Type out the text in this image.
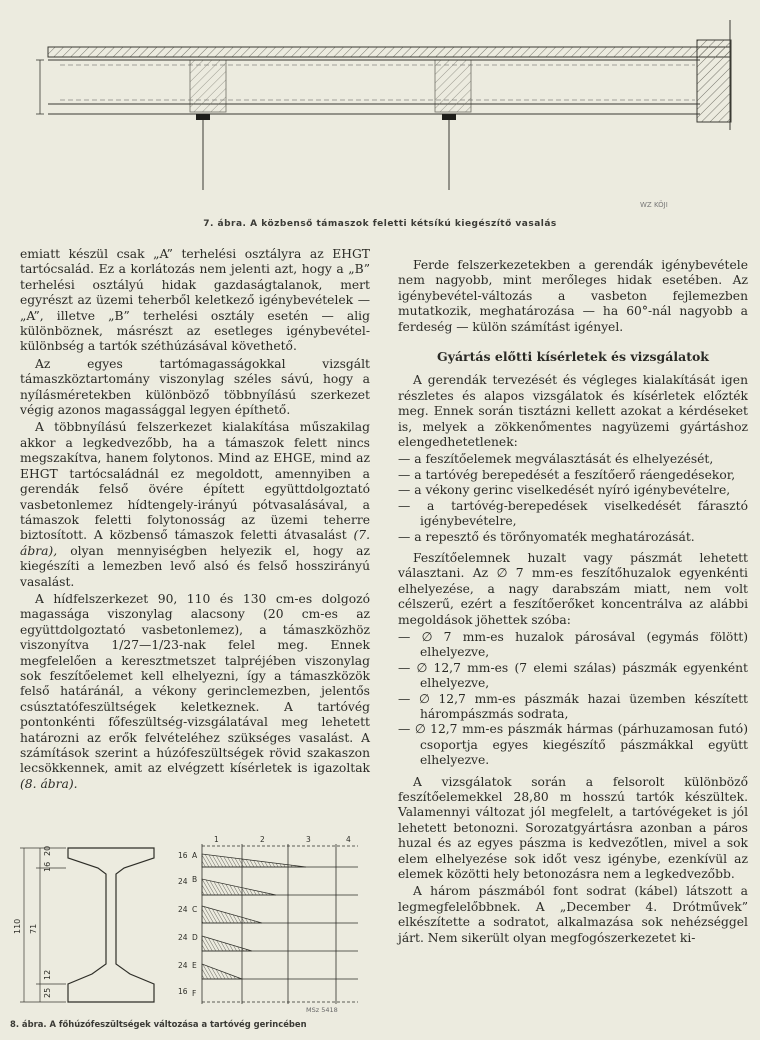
WZ KÖJI
7. ábra. A közbenső támaszok feletti kétsíkú kiegészítő vasalás

emiatt készül csak „A” terhelési osztályra az EHGT tartócsalád. Ez a korlátozás nem jelenti azt, hogy a „B” terhelési osztályú hidak gazdaságtalanok, mert egyrészt az üzemi teherből keletkező igénybevételek — „A”, illetve „B” terhelési osztály esetén — alig különböznek, másrészt az esetleges igénybevétel-különbség a tartók széthúzásával követhető.

Az egyes tartómagasságokkal vizsgált támaszköztartomány viszonylag széles sávú, hogy a nyílásméretekben különböző többnyílású szerkezet végig azonos magassággal legyen építhető.

A többnyílású felszerkezet kialakítása műszakilag akkor a legkedvezőbb, ha a támaszok felett nincs megszakítva, hanem folytonos. Mind az EHGE, mind az EHGT tartócsaládnál ez megoldott, amennyiben a gerendák felső övére épített együttdolgoztató vasbetonlemez hídtengely-irányú pótvasalásával, a támaszok feletti folytonosság az üzemi teherre biztosított. A közbenső támaszok feletti átvasalást (7. ábra), olyan mennyiségben helyezik el, hogy az kiegészíti a lemezben levő alsó és felső hosszirányú vasalást.

A hídfelszerkezet 90, 110 és 130 cm-es dolgozó magassága viszonylag alacsony (20 cm-es az együttdolgoztató vasbetonlemez), a támaszközhöz viszonyítva 1/27—1/23-nak felel meg. Ennek megfelelően a keresztmetszet talpréjében viszonylag sok feszítőelemet kell elhelyezni, így a támaszközök felső határánál, a vékony gerinclemezben, jelentős csúsztatófeszültségek keletkeznek. A tartóvég pontonkénti főfeszültség-vizsgálatával meg lehetett határozni az erők felvételéhez szükséges vasalást. A számítások szerint a húzófeszültségek rövid szakaszon lecsökkennek, amit az elvégzett kísérletek is igazoltak (8. ábra).

20
16
110 71
12
25
1	2	3	4
A
B
C
D
E
F
16
24
24
24
24
16
MSz 5418
8. ábra. A főhúzófeszültségek változása a tartóvég gerincében

Ferde felszerkezetekben a gerendák igénybevétele nem nagyobb, mint merőleges hidak esetében. Az igénybevétel-változás a vasbeton fejlemezben mutatkozik, meghatározása — ha 60°-nál nagyobb a ferdeség — külön számítást igényel.

Gyártás előtti kísérletek és vizsgálatok

A gerendák tervezését és végleges kialakítását igen részletes és alapos vizsgálatok és kísérletek előzték meg. Ennek során tisztázni kellett azokat a kérdéseket is, melyek a zökkenőmentes nagyüzemi gyártáshoz elengedhetetlenek:

— a feszítőelemek megválasztását és elhelyezését,
— a tartóvég berepedését a feszítőerő ráengedésekor,
— a vékony gerinc viselkedését nyíró igénybevételre,
— a tartóvég-berepedések viselkedését fárasztó igénybevételre,
— a repesztő és törőnyomaték meghatározását.

Feszítőelemnek huzalt vagy pászmát lehetett választani. Az ∅ 7 mm-es feszítőhuzalok egyenkénti elhelyezése, a nagy darabszám miatt, nem volt célszerű, ezért a feszítőerőket koncentrálva az alábbi megoldások jöhettek szóba:

— ∅ 7 mm-es huzalok párosával (egymás fölött) elhelyezve,
— ∅ 12,7 mm-es (7 elemi szálas) pászmák egyenként elhelyezve,
— ∅ 12,7 mm-es pászmák hazai üzemben készített hárompászmás sodrata,
— ∅ 12,7 mm-es pászmák hármas (párhuzamosan futó) csoportja egyes kiegészítő pászmákkal együtt elhelyezve.

A vizsgálatok során a felsorolt különböző feszítőelemekkel 28,80 m hosszú tartók készültek. Valamennyi változat jól megfelelt, a tartóvégeket is jól lehetett betonozni. Sorozatgyártásra azonban a páros huzal és az egyes pászma is kedvezőtlen, mivel a sok elem elhelyezése sok időt vesz igénybe, ezenkívül az elemek közötti hely betonozásra nem a legkedvezőbb.

A három pászmából font sodrat (kábel) látszott a legmegfelelőbbnek. A „December 4. Drótművek” elkészítette a sodratot, alkalmazása sok nehézséggel járt. Nem sikerült olyan megfogószerkezetet ki-
